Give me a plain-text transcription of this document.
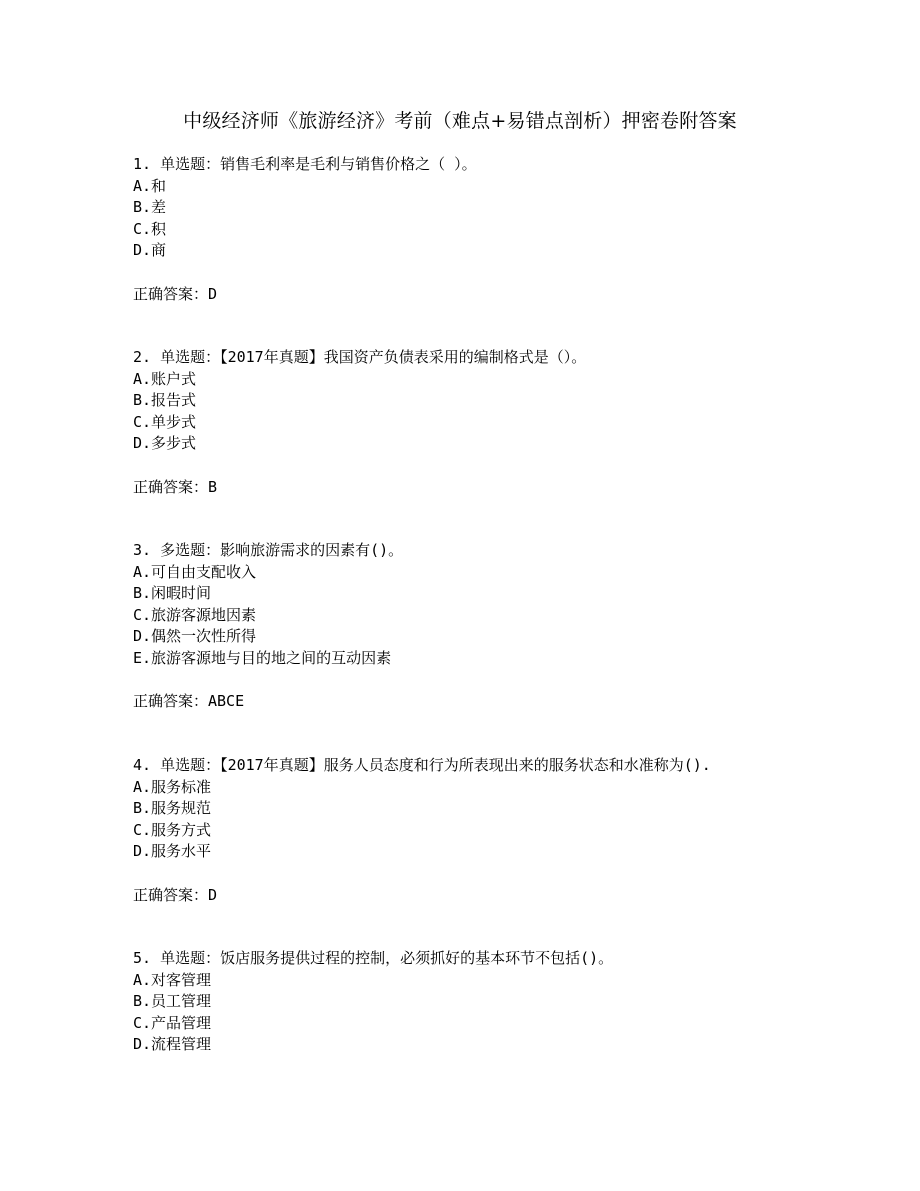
中级经济师《旅游经济》考前（难点+易错点剖析）押密卷附答案
1. 单选题：销售毛利率是毛利与销售价格之（ ）。
A.和
B.差
C.积
D.商
正确答案：D
2. 单选题：【2017年真题】我国资产负债表采用的编制格式是（）。
A.账户式
B.报告式
C.单步式
D.多步式
正确答案：B
3. 多选题：影响旅游需求的因素有()。
A.可自由支配收入
B.闲暇时间
C.旅游客源地因素
D.偶然一次性所得
E.旅游客源地与目的地之间的互动因素
正确答案：ABCE
4. 单选题：【2017年真题】服务人员态度和行为所表现出来的服务状态和水准称为().
A.服务标准
B.服务规范
C.服务方式
D.服务水平
正确答案：D
5. 单选题：饭店服务提供过程的控制，必须抓好的基本环节不包括()。
A.对客管理
B.员工管理
C.产品管理
D.流程管理
